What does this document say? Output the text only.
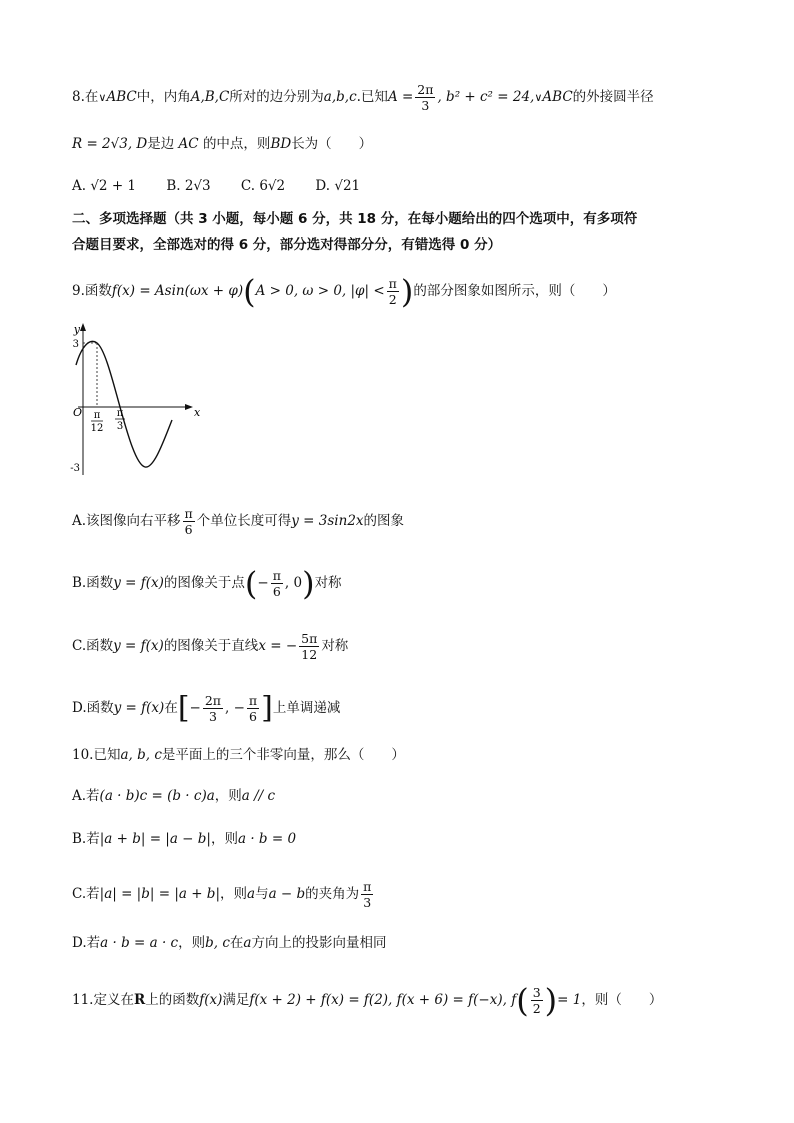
8.在∨ABC中，内角A,B,C所对的边分别为a,b,c.已知$A = \frac{2\pi}{3}$ , b² + c² = 24,∨ABC的外接圆半径
R = 2√3, D是边 AC 的中点，则BD长为（　　）
A. √2 + 1 B. 2√3 C. 6√2 D. √21
二、多项选择题（共 3 小题，每小题 6 分，共 18 分，在每小题给出的四个选项中，有多项符
合题目要求，全部选对的得 6 分，部分选对得部分分，有错选得 0 分）
9.函数f(x) = Asin(ωx + φ)(A > 0, ω > 0, $|\varphi| < \frac{\pi}{2}$ )的部分图象如图所示，则（　　）
y
x
O
3
-3
π
12
π
3
A.该图像向右平移 $\frac{\pi}{6}$ 个单位长度可得y = 3sin2x的图象
B.函数y = f(x)的图像关于点(− $\frac{\pi}{6}$ , 0)对称
C.函数y = f(x)的图像关于直线x = − $\frac{5\pi}{12}$ 对称
D.函数y = f(x)在[− $\frac{2\pi}{3}$ , − $\frac{\pi}{6}$ ]上单调递减
10.已知a, b, c是平面上的三个非零向量，那么（　　）
A.若(a · b)c = (b · c)a，则a // c
B.若|a + b| = |a − b|，则a · b = 0
C.若|a| = |b| = |a + b|，则a与a − b的夹角为 $\frac{\pi}{3}$
D.若a · b = a · c，则b, c在a方向上的投影向量相同
11.定义在R上的函数f(x)满足f(x + 2) + f(x) = f(2), f(x + 6) = f(−x), $f( \frac{3}{2}$ )= 1，则（　　）
